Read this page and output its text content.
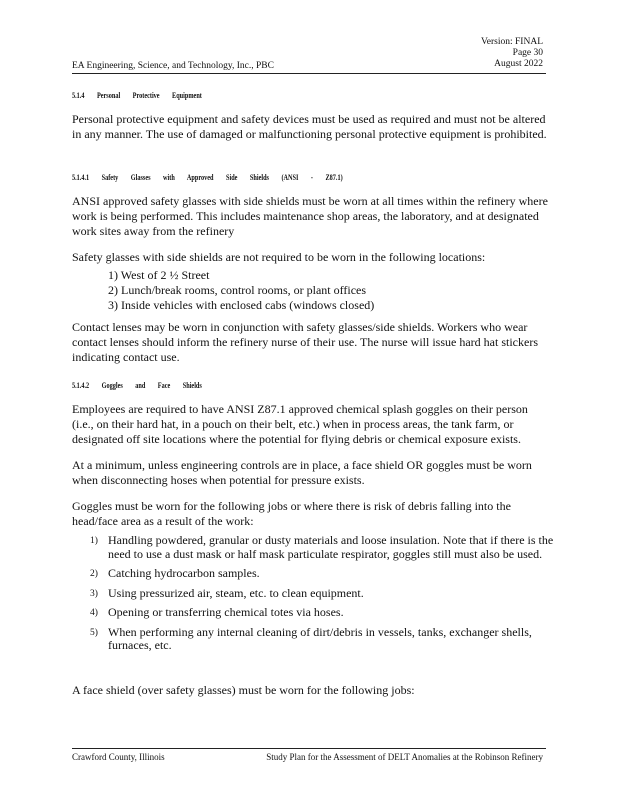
Version: FINAL
Page 30
August 2022
EA Engineering, Science, and Technology, Inc., PBC
5.1.4 Personal Protective Equipment
Personal protective equipment and safety devices must be used as required and must not be altered in any manner. The use of damaged or malfunctioning personal protective equipment is prohibited.
5.1.4.1 Safety Glasses with Approved Side Shields (ANSI - Z87.1)
ANSI approved safety glasses with side shields must be worn at all times within the refinery where work is being performed. This includes maintenance shop areas, the laboratory, and at designated work sites away from the refinery
Safety glasses with side shields are not required to be worn in the following locations:
1) West of 2 ½ Street
2) Lunch/break rooms, control rooms, or plant offices
3) Inside vehicles with enclosed cabs (windows closed)
Contact lenses may be worn in conjunction with safety glasses/side shields. Workers who wear contact lenses should inform the refinery nurse of their use. The nurse will issue hard hat stickers indicating contact use.
5.1.4.2 Goggles and Face Shields
Employees are required to have ANSI Z87.1 approved chemical splash goggles on their person (i.e., on their hard hat, in a pouch on their belt, etc.) when in process areas, the tank farm, or designated off site locations where the potential for flying debris or chemical exposure exists.
At a minimum, unless engineering controls are in place, a face shield OR goggles must be worn when disconnecting hoses when potential for pressure exists.
Goggles must be worn for the following jobs or where there is risk of debris falling into the head/face area as a result of the work:
1) Handling powdered, granular or dusty materials and loose insulation. Note that if there is the need to use a dust mask or half mask particulate respirator, goggles still must also be used.
2) Catching hydrocarbon samples.
3) Using pressurized air, steam, etc. to clean equipment.
4) Opening or transferring chemical totes via hoses.
5) When performing any internal cleaning of dirt/debris in vessels, tanks, exchanger shells, furnaces, etc.
A face shield (over safety glasses) must be worn for the following jobs:
Crawford County, Illinois	Study Plan for the Assessment of DELT Anomalies at the Robinson Refinery
